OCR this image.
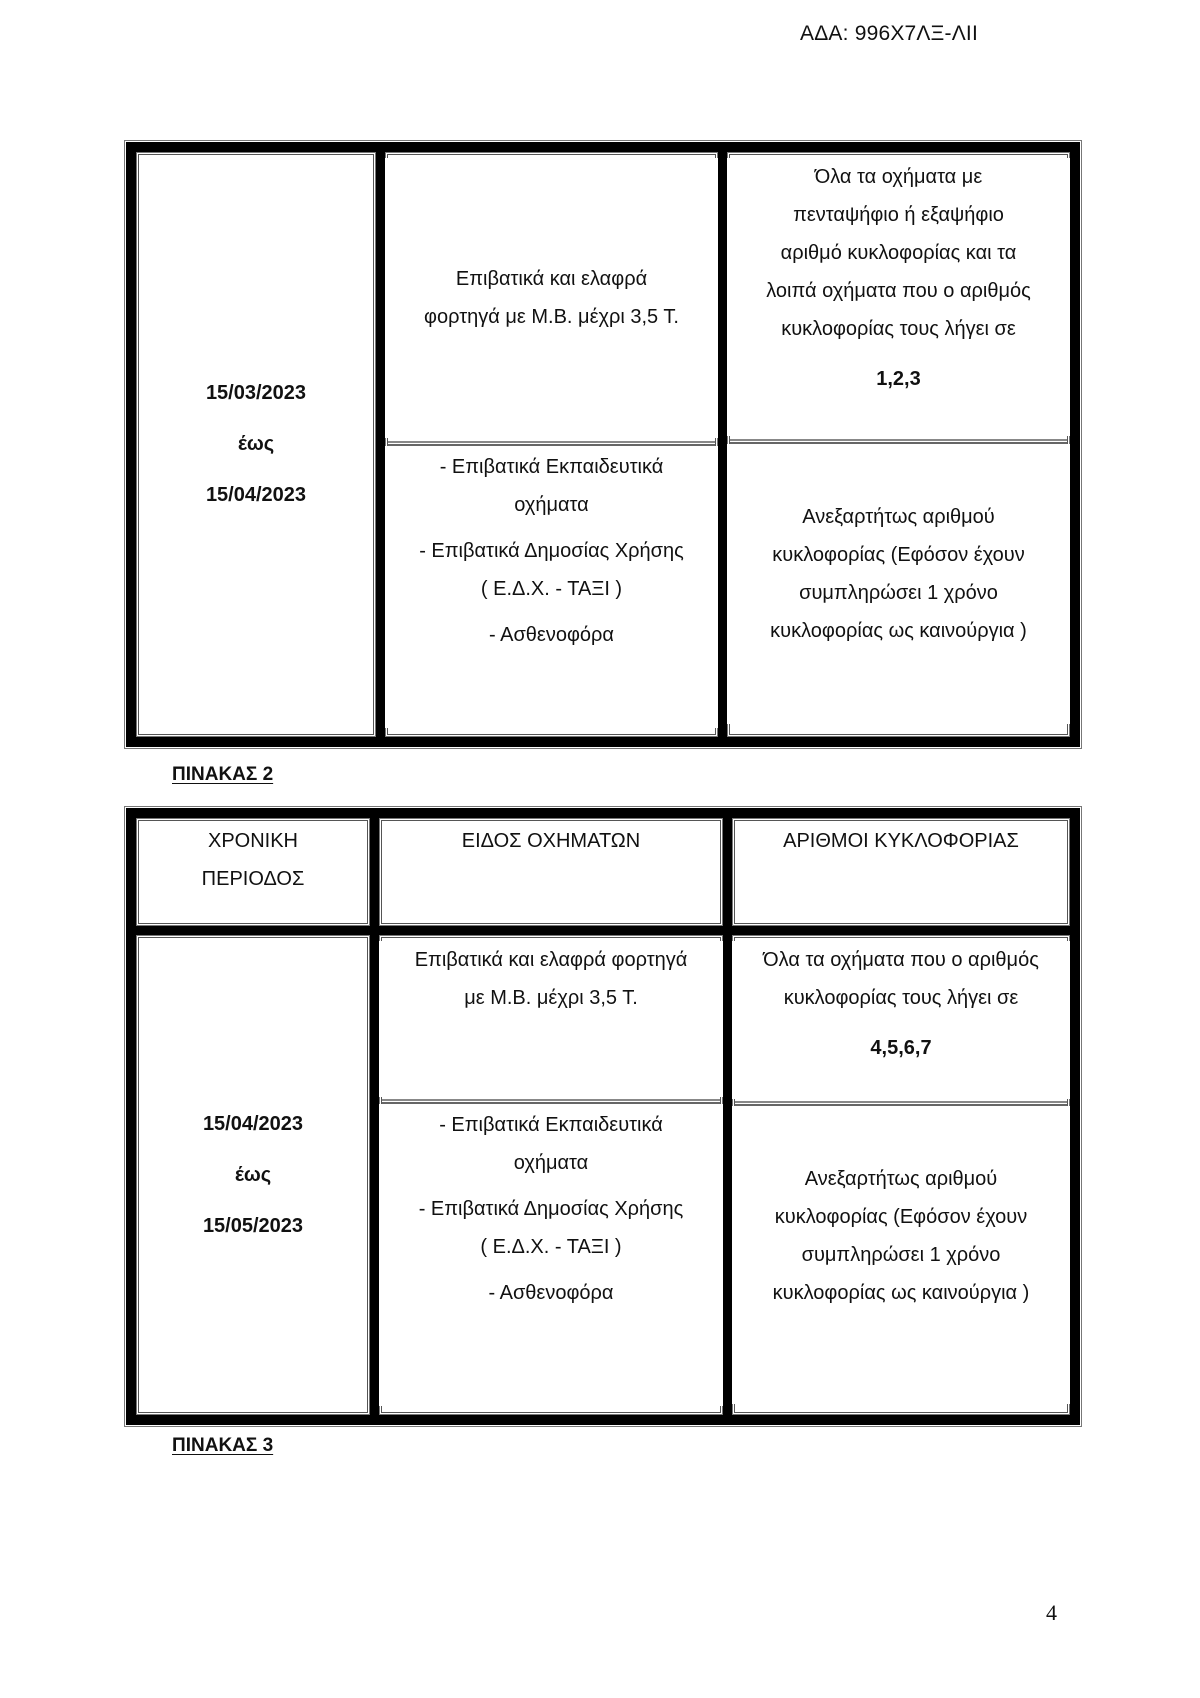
ΑΔΑ: 996Χ7ΛΞ-ΛΙΙ
15/03/2023
έως
15/04/2023
Επιβατικά και ελαφρά
φορτηγά με Μ.Β. μέχρι 3,5 Τ.
- Επιβατικά Εκπαιδευτικά
οχήματα
- Επιβατικά Δημοσίας Χρήσης
( Ε.Δ.Χ. - ΤΑΞΙ )
- Ασθενοφόρα
Όλα τα οχήματα με
πενταψήφιο ή εξαψήφιο
αριθμό κυκλοφορίας και τα
λοιπά οχήματα που ο αριθμός
κυκλοφορίας τους λήγει σε
1,2,3
Ανεξαρτήτως αριθμού
κυκλοφορίας (Εφόσον έχουν
συμπληρώσει 1 χρόνο
κυκλοφορίας ως καινούργια )
ΠΙΝΑΚΑΣ 2
ΧΡΟΝΙΚΗ
ΠΕΡΙΟΔΟΣ
ΕΙΔΟΣ ΟΧΗΜΑΤΩΝ	ΑΡΙΘΜΟΙ ΚΥΚΛΟΦΟΡΙΑΣ
15/04/2023
έως
15/05/2023
Επιβατικά και ελαφρά φορτηγά
με Μ.Β. μέχρι 3,5 Τ.
- Επιβατικά Εκπαιδευτικά
οχήματα
- Επιβατικά Δημοσίας Χρήσης
( Ε.Δ.Χ. - ΤΑΞΙ )
- Ασθενοφόρα
Όλα τα οχήματα που ο αριθμός
κυκλοφορίας τους λήγει σε
4,5,6,7
Ανεξαρτήτως αριθμού
κυκλοφορίας (Εφόσον έχουν
συμπληρώσει 1 χρόνο
κυκλοφορίας ως καινούργια )
ΠΙΝΑΚΑΣ 3
4
